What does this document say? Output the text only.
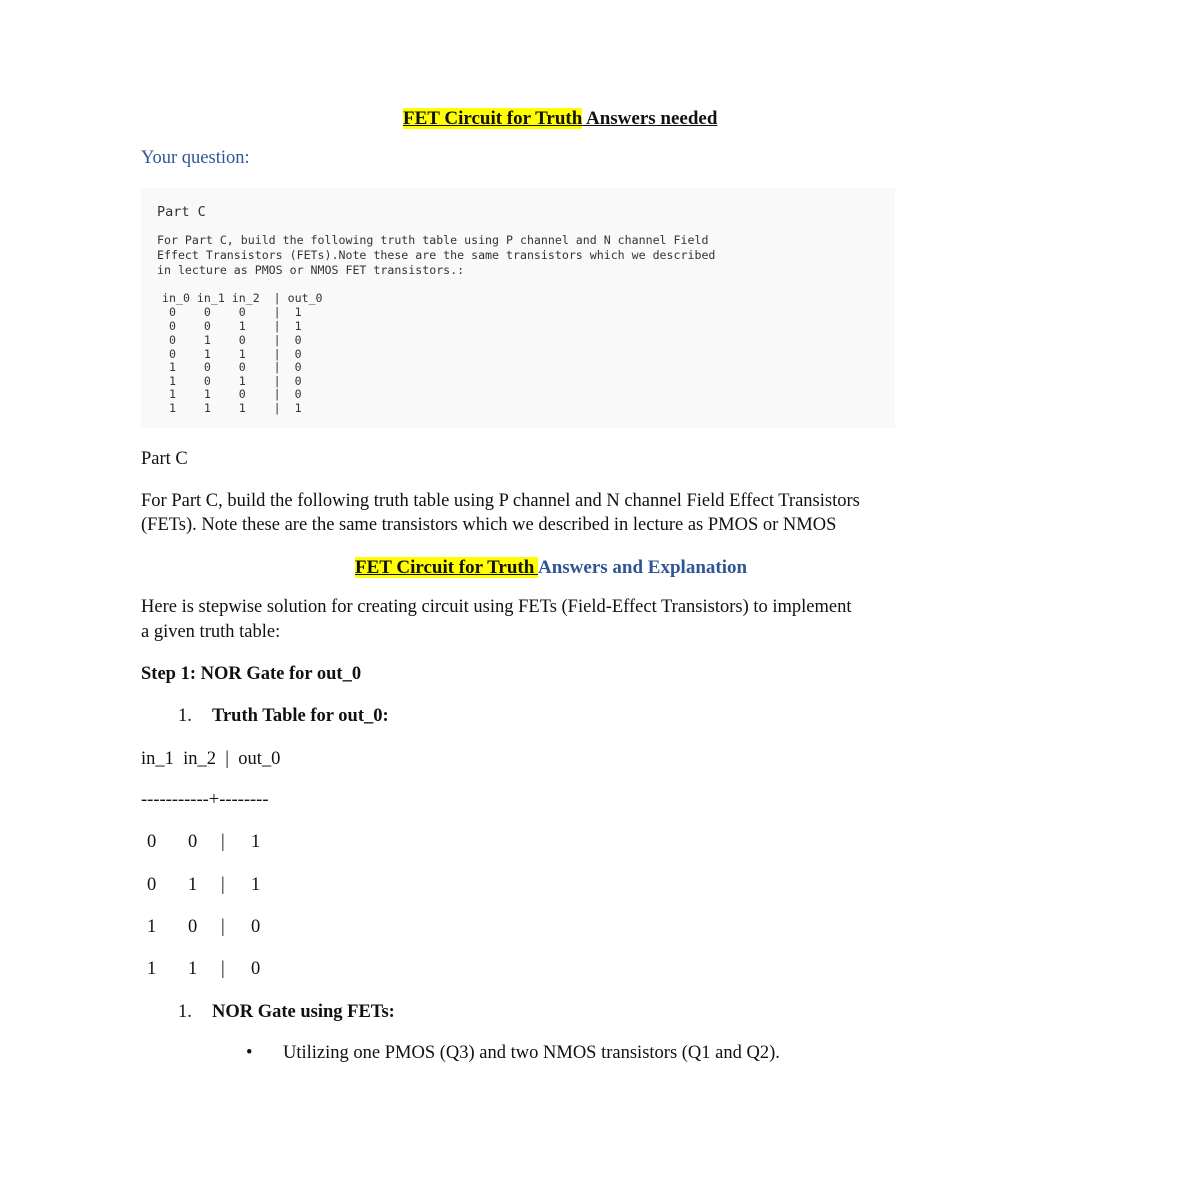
FET Circuit for Truth Answers needed
Your question:
Part C
For Part C, build the following truth table using P channel and N channel Field
Effect Transistors (FETs).Note these are the same transistors which we described
in lecture as PMOS or NMOS FET transistors.:
in_0 in_1 in_2  | out_0
0    0    0    |  1
0    0    1    |  1
0    1    0    |  0
0    1    1    |  0
1    0    0    |  0
1    0    1    |  0
1    1    0    |  0
1    1    1    |  1
Part C
For Part C, build the following truth table using P channel and N channel Field Effect Transistors
(FETs). Note these are the same transistors which we described in lecture as PMOS or NMOS
FET Circuit for Truth Answers and Explanation
Here is stepwise solution for creating circuit using FETs (Field-Effect Transistors) to implement
a given truth table:
Step 1: NOR Gate for out_0
1. Truth Table for out_0:
in_1  in_2  |  out_0
-----------+--------
0 0 | 1
0 1 | 1
1 0 | 0
1 1 | 0
1. NOR Gate using FETs:
• Utilizing one PMOS (Q3) and two NMOS transistors (Q1 and Q2).
